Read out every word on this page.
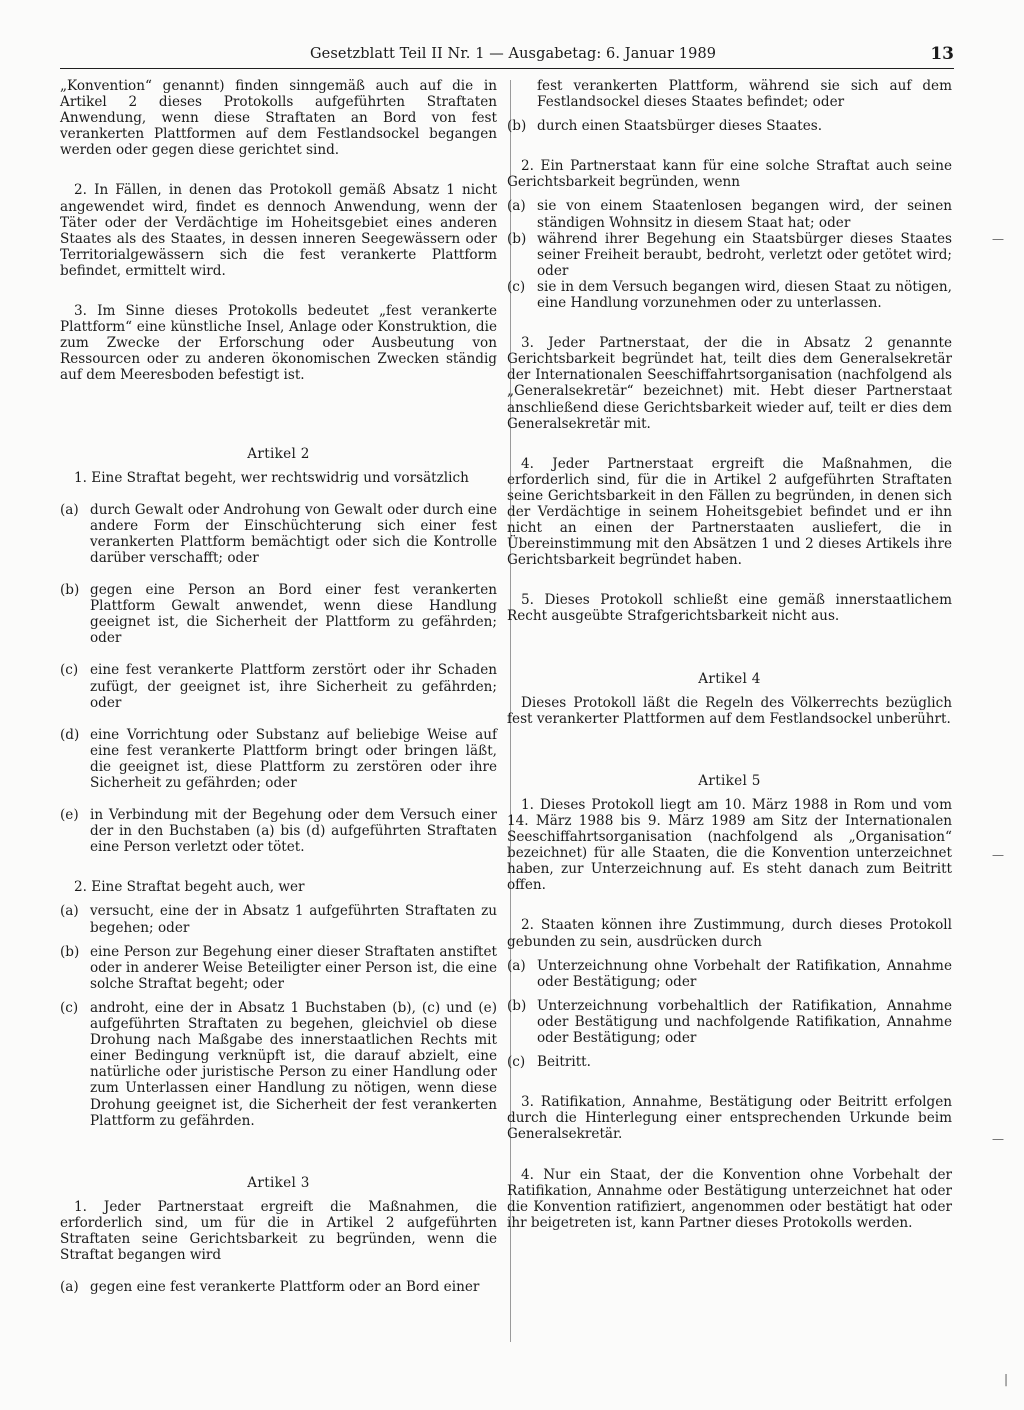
Gesetzblatt Teil II Nr. 1 — Ausgabetag: 6. Januar 1989	13

„Konvention“ genannt) finden sinngemäß auch auf die in Artikel 2 dieses Protokolls aufgeführten Straftaten Anwendung, wenn diese Straftaten an Bord von fest verankerten Plattformen auf dem Festlandsockel begangen werden oder gegen diese gerichtet sind.

2. In Fällen, in denen das Protokoll gemäß Absatz 1 nicht angewendet wird, findet es dennoch Anwendung, wenn der Täter oder der Verdächtige im Hoheitsgebiet eines anderen Staates als des Staates, in dessen inneren Seegewässern oder Territorialgewässern sich die fest verankerte Plattform befindet, ermittelt wird.

3. Im Sinne dieses Protokolls bedeutet „fest verankerte Plattform“ eine künstliche Insel, Anlage oder Konstruktion, die zum Zwecke der Erforschung oder Ausbeutung von Ressourcen oder zu anderen ökonomischen Zwecken ständig auf dem Meeresboden befestigt ist.

Artikel 2

1. Eine Straftat begeht, wer rechtswidrig und vorsätzlich

(a) durch Gewalt oder Androhung von Gewalt oder durch eine andere Form der Einschüchterung sich einer fest verankerten Plattform bemächtigt oder sich die Kontrolle darüber verschafft; oder
(b) gegen eine Person an Bord einer fest verankerten Plattform Gewalt anwendet, wenn diese Handlung geeignet ist, die Sicherheit der Plattform zu gefährden; oder
(c) eine fest verankerte Plattform zerstört oder ihr Schaden zufügt, der geeignet ist, ihre Sicherheit zu gefährden; oder
(d) eine Vorrichtung oder Substanz auf beliebige Weise auf eine fest verankerte Plattform bringt oder bringen läßt, die geeignet ist, diese Plattform zu zerstören oder ihre Sicherheit zu gefährden; oder
(e) in Verbindung mit der Begehung oder dem Versuch einer der in den Buchstaben (a) bis (d) aufgeführten Straftaten eine Person verletzt oder tötet.

2. Eine Straftat begeht auch, wer

(a) versucht, eine der in Absatz 1 aufgeführten Straftaten zu begehen; oder
(b) eine Person zur Begehung einer dieser Straftaten anstiftet oder in anderer Weise Beteiligter einer Person ist, die eine solche Straftat begeht; oder
(c) androht, eine der in Absatz 1 Buchstaben (b), (c) und (e) aufgeführten Straftaten zu begehen, gleichviel ob diese Drohung nach Maßgabe des innerstaatlichen Rechts mit einer Bedingung verknüpft ist, die darauf abzielt, eine natürliche oder juristische Person zu einer Handlung oder zum Unterlassen einer Handlung zu nötigen, wenn diese Drohung geeignet ist, die Sicherheit der fest verankerten Plattform zu gefährden.

Artikel 3

1. Jeder Partnerstaat ergreift die Maßnahmen, die erforderlich sind, um für die in Artikel 2 aufgeführten Straftaten seine Gerichtsbarkeit zu begründen, wenn die Straftat begangen wird

(a) gegen eine fest verankerte Plattform oder an Bord einer
fest verankerten Plattform, während sie sich auf dem Festlandsockel dieses Staates befindet; oder
(b) durch einen Staatsbürger dieses Staates.

2. Ein Partnerstaat kann für eine solche Straftat auch seine Gerichtsbarkeit begründen, wenn

(a) sie von einem Staatenlosen begangen wird, der seinen ständigen Wohnsitz in diesem Staat hat; oder
(b) während ihrer Begehung ein Staatsbürger dieses Staates seiner Freiheit beraubt, bedroht, verletzt oder getötet wird; oder
(c) sie in dem Versuch begangen wird, diesen Staat zu nötigen, eine Handlung vorzunehmen oder zu unterlassen.

3. Jeder Partnerstaat, der die in Absatz 2 genannte Gerichtsbarkeit begründet hat, teilt dies dem Generalsekretär der Internationalen Seeschiffahrtsorganisation (nachfolgend als „Generalsekretär“ bezeichnet) mit. Hebt dieser Partnerstaat anschließend diese Gerichtsbarkeit wieder auf, teilt er dies dem Generalsekretär mit.

4. Jeder Partnerstaat ergreift die Maßnahmen, die erforderlich sind, für die in Artikel 2 aufgeführten Straftaten seine Gerichtsbarkeit in den Fällen zu begründen, in denen sich der Verdächtige in seinem Hoheitsgebiet befindet und er ihn nicht an einen der Partnerstaaten ausliefert, die in Übereinstimmung mit den Absätzen 1 und 2 dieses Artikels ihre Gerichtsbarkeit begründet haben.

5. Dieses Protokoll schließt eine gemäß innerstaatlichem Recht ausgeübte Strafgerichtsbarkeit nicht aus.

Artikel 4

Dieses Protokoll läßt die Regeln des Völkerrechts bezüglich fest verankerter Plattformen auf dem Festlandsockel unberührt.

Artikel 5

1. Dieses Protokoll liegt am 10. März 1988 in Rom und vom 14. März 1988 bis 9. März 1989 am Sitz der Internationalen Seeschiffahrtsorganisation (nachfolgend als „Organisation“ bezeichnet) für alle Staaten, die die Konvention unterzeichnet haben, zur Unterzeichnung auf. Es steht danach zum Beitritt offen.

2. Staaten können ihre Zustimmung, durch dieses Protokoll gebunden zu sein, ausdrücken durch

(a) Unterzeichnung ohne Vorbehalt der Ratifikation, Annahme oder Bestätigung; oder
(b) Unterzeichnung vorbehaltlich der Ratifikation, Annahme oder Bestätigung und nachfolgende Ratifikation, Annahme oder Bestätigung; oder
(c) Beitritt.

3. Ratifikation, Annahme, Bestätigung oder Beitritt erfolgen durch die Hinterlegung einer entsprechenden Urkunde beim Generalsekretär.

4. Nur ein Staat, der die Konvention ohne Vorbehalt der Ratifikation, Annahme oder Bestätigung unterzeichnet hat oder die Konvention ratifiziert, angenommen oder bestätigt hat oder ihr beigetreten ist, kann Partner dieses Protokolls werden.

—
—
—
|
